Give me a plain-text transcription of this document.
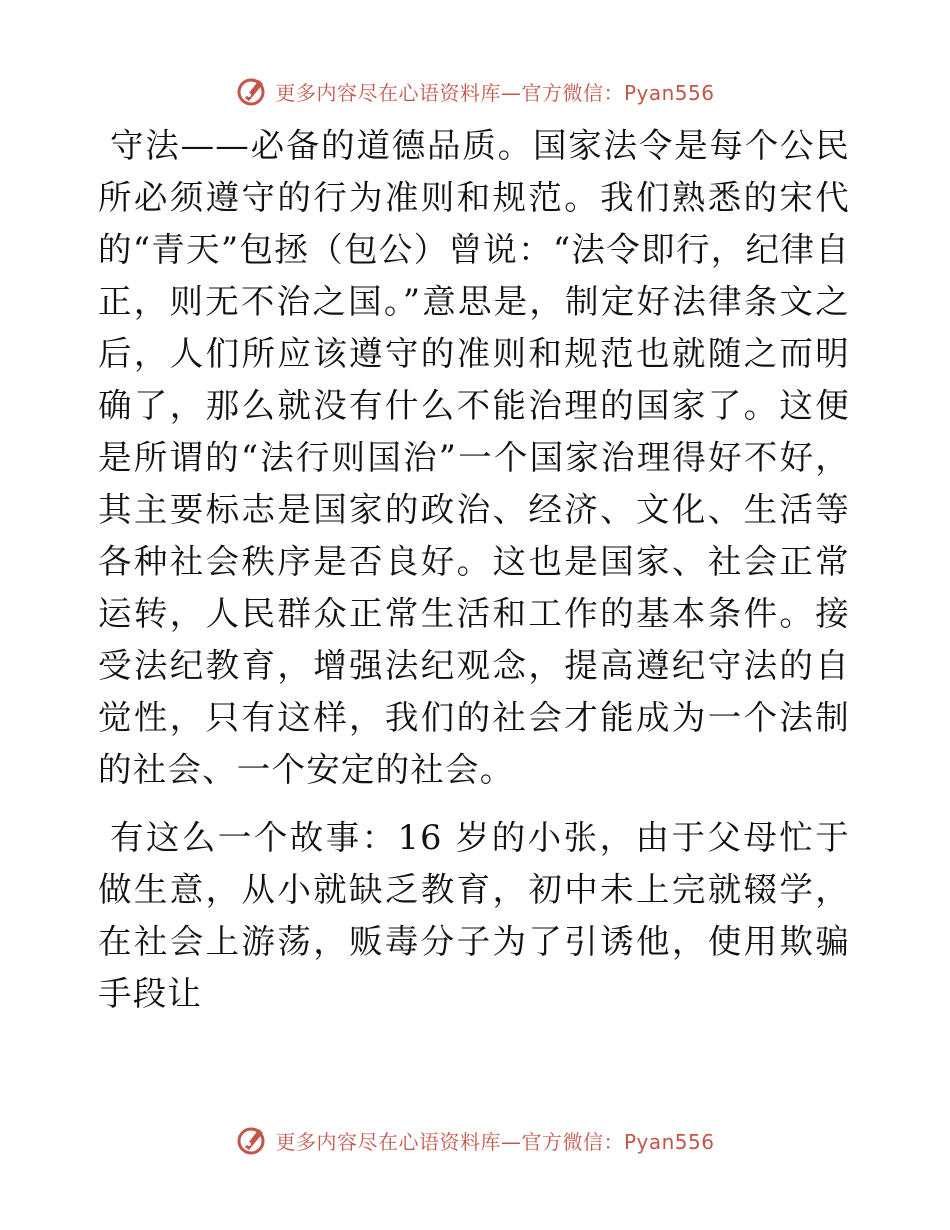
更多内容尽在心语资料库—官方微信：Pyan556

守法——必备的道德品质。国家法令是每个公民所必须遵守的行为准则和规范。我们熟悉的宋代的“青天”包拯（包公）曾说：“法令即行，纪律自正，则无不治之国。”意思是，制定好法律条文之后，人们所应该遵守的准则和规范也就随之而明确了，那么就没有什么不能治理的国家了。这便是所谓的“法行则国治”一个国家治理得好不好，其主要标志是国家的政治、经济、文化、生活等各种社会秩序是否良好。这也是国家、社会正常运转，人民群众正常生活和工作的基本条件。接受法纪教育，增强法纪观念，提高遵纪守法的自觉性，只有这样，我们的社会才能成为一个法制的社会、一个安定的社会。

有这么一个故事：16 岁的小张，由于父母忙于做生意，从小就缺乏教育，初中未上完就辍学，在社会上游荡，贩毒分子为了引诱他，使用欺骗手段让

更多内容尽在心语资料库—官方微信：Pyan556
